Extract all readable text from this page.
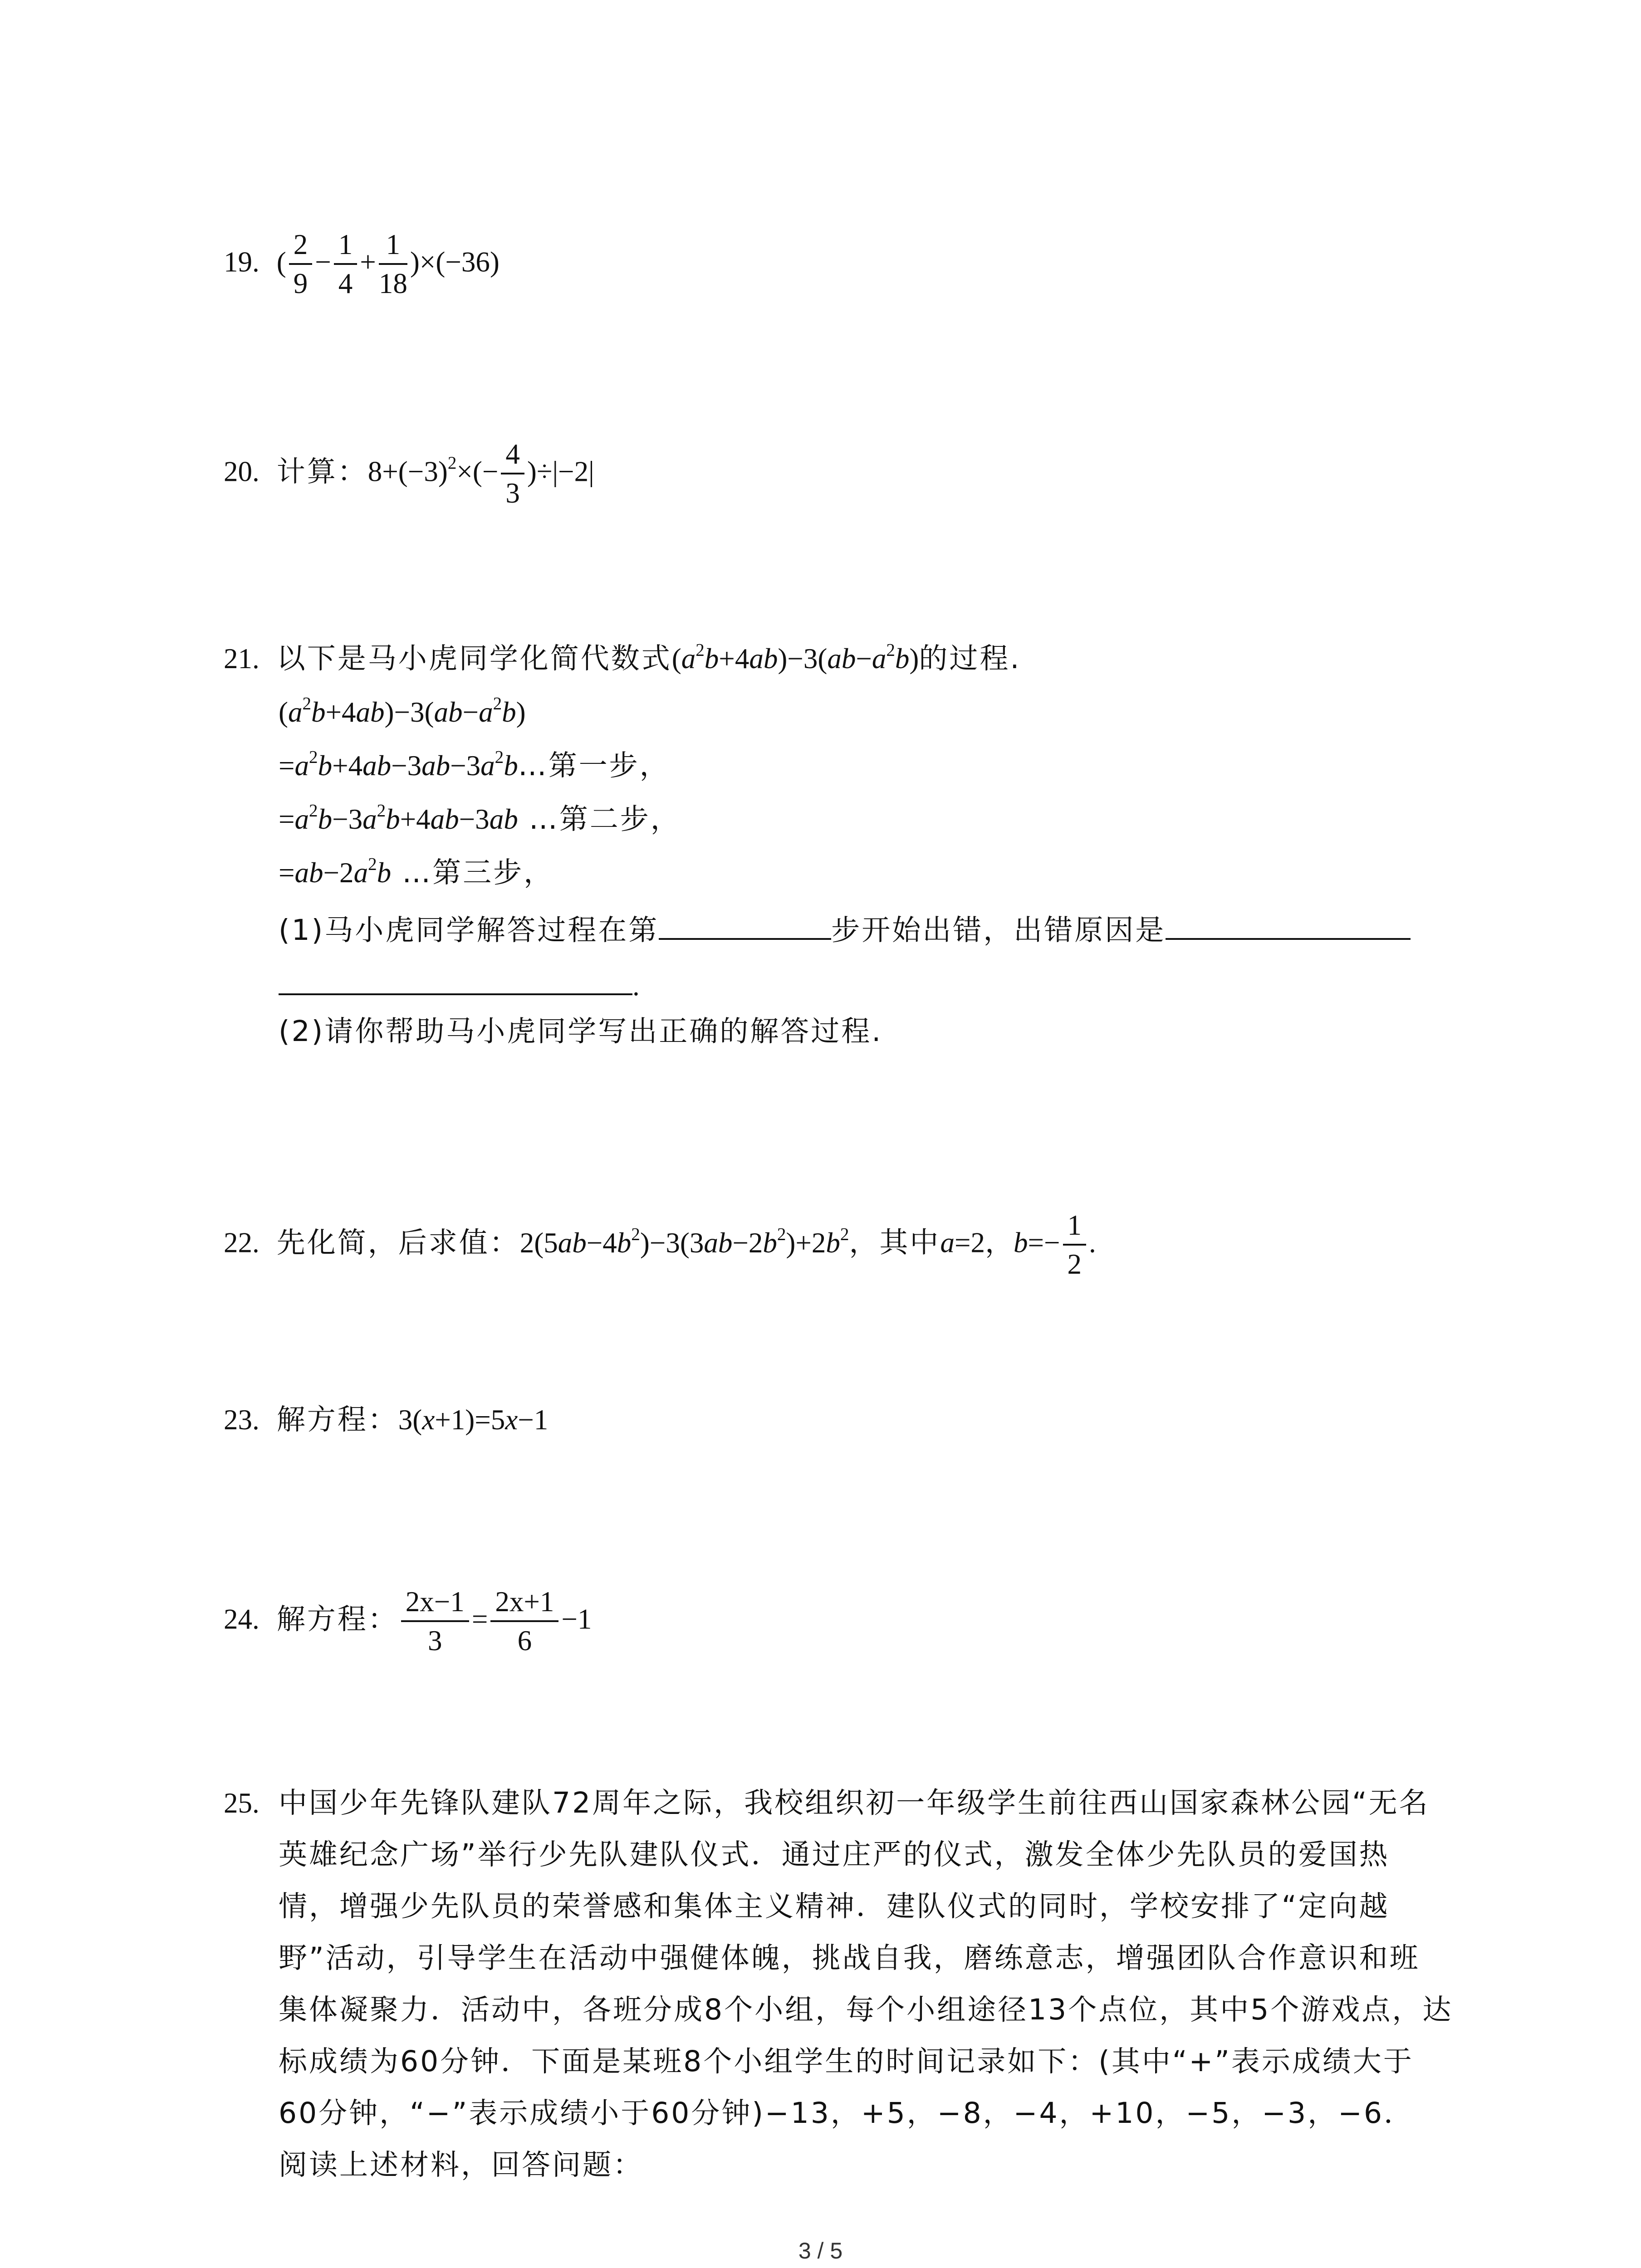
19. ( $\frac{2}{9} - \frac{1}{4} + \frac{1}{18} )\times(-36)$
20. 计算：$8+(-3)^2\times(- \frac{4}{3} )\div|-2|$
21. 以下是马小虎同学化简代数式$(a^2b+4ab)-3(ab-a^2b)$的过程.
$(a^2b+4ab)-3(ab-a^2b)$
$=a^2b+4ab-3ab-3a^2b\dots$第一步，
$=a^2b-3a^2b+4ab-3ab$ …第二步，
$=ab-2a^2b$ …第三步，
(1)马小虎同学解答过程在第	步开始出错，出错原因是
.
(2)请你帮助马小虎同学写出正确的解答过程.
22. 先化简，后求值：$2(5ab-4b^2)-3(3ab-2b^2)+2b^2$，其中a=2，$b=- \frac{1}{2}$ .
23. 解方程：3(x+1)=5x−1
24. 解方程： $\frac{2x-1}{3} = \frac{2x+1}{6} -1$
25. 中国少年先锋队建队72周年之际，我校组织初一年级学生前往西山国家森林公园“无名
英雄纪念广场”举行少先队建队仪式．通过庄严的仪式，激发全体少先队员的爱国热
情，增强少先队员的荣誉感和集体主义精神．建队仪式的同时，学校安排了“定向越
野”活动，引导学生在活动中强健体魄，挑战自我，磨练意志，增强团队合作意识和班
集体凝聚力．活动中，各班分成8个小组，每个小组途径13个点位，其中5个游戏点，达
标成绩为60分钟．下面是某班8个小组学生的时间记录如下：(其中“+”表示成绩大于
60分钟，“−”表示成绩小于60分钟)−13，+5，−8，−4，+10，−5，−3，−6．
阅读上述材料，回答问题：
3 / 5
